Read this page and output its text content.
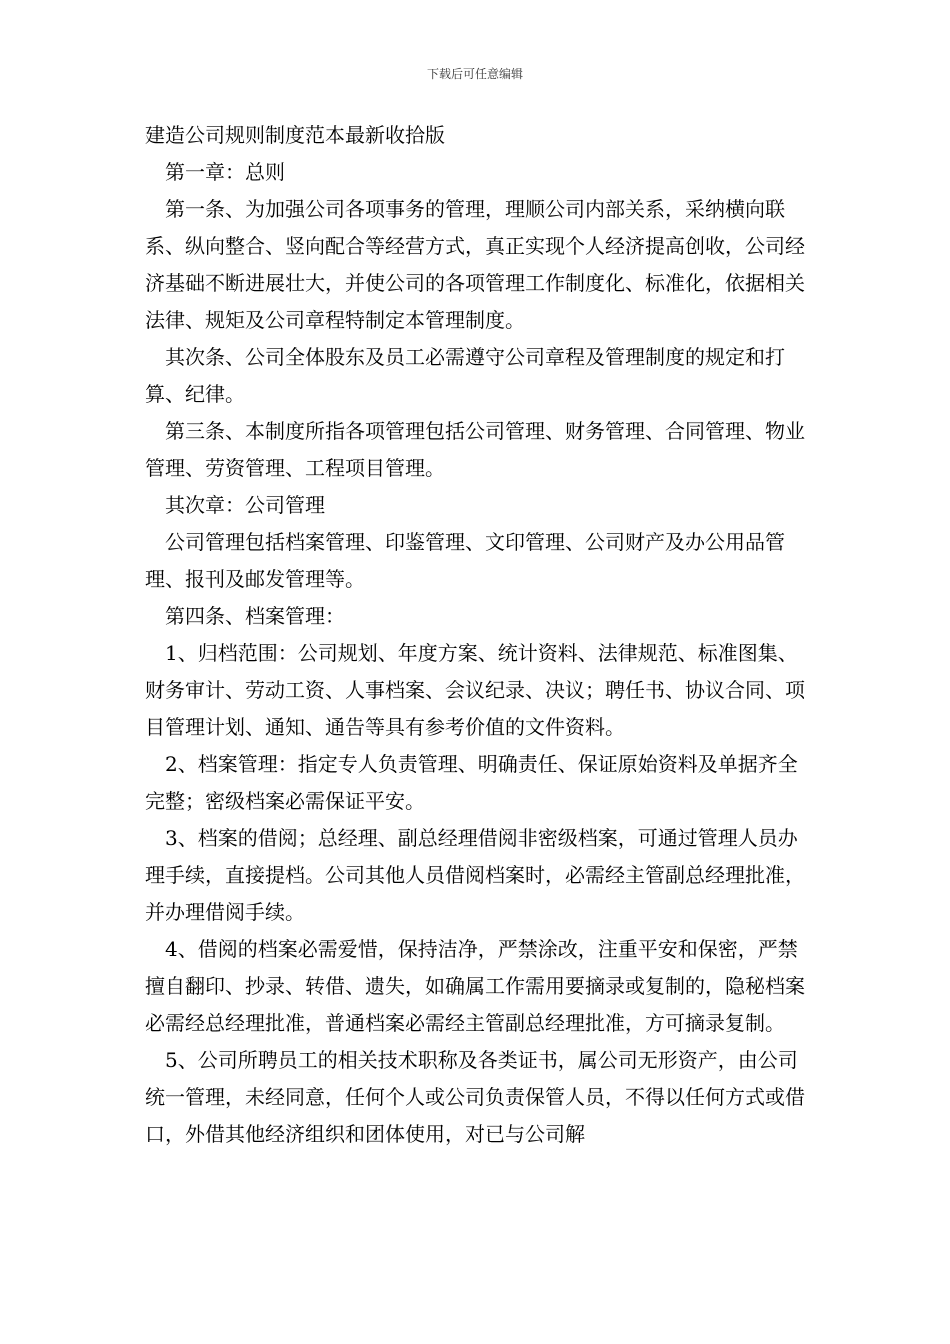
下载后可任意编辑

建造公司规则制度范本最新收拾版

第一章：总则

第一条、为加强公司各项事务的管理，理顺公司内部关系，采纳横向联系、纵向整合、竖向配合等经营方式，真正实现个人经济提高创收，公司经济基础不断进展壮大，并使公司的各项管理工作制度化、标准化，依据相关法律、规矩及公司章程特制定本管理制度。

其次条、公司全体股东及员工必需遵守公司章程及管理制度的规定和打算、纪律。

第三条、本制度所指各项管理包括公司管理、财务管理、合同管理、物业管理、劳资管理、工程项目管理。

其次章：公司管理

公司管理包括档案管理、印鉴管理、文印管理、公司财产及办公用品管理、报刊及邮发管理等。

第四条、档案管理：

1、归档范围：公司规划、年度方案、统计资料、法律规范、标准图集、财务审计、劳动工资、人事档案、会议纪录、决议；聘任书、协议合同、项目管理计划、通知、通告等具有参考价值的文件资料。

2、档案管理：指定专人负责管理、明确责任、保证原始资料及单据齐全完整；密级档案必需保证平安。

3、档案的借阅；总经理、副总经理借阅非密级档案，可通过管理人员办理手续，直接提档。公司其他人员借阅档案时，必需经主管副总经理批准，并办理借阅手续。

4、借阅的档案必需爱惜，保持洁净，严禁涂改，注重平安和保密，严禁擅自翻印、抄录、转借、遗失，如确属工作需用要摘录或复制的，隐秘档案必需经总经理批准，普通档案必需经主管副总经理批准，方可摘录复制。

5、公司所聘员工的相关技术职称及各类证书，属公司无形资产，由公司统一管理，未经同意，任何个人或公司负责保管人员，不得以任何方式或借口，外借其他经济组织和团体使用，对已与公司解
